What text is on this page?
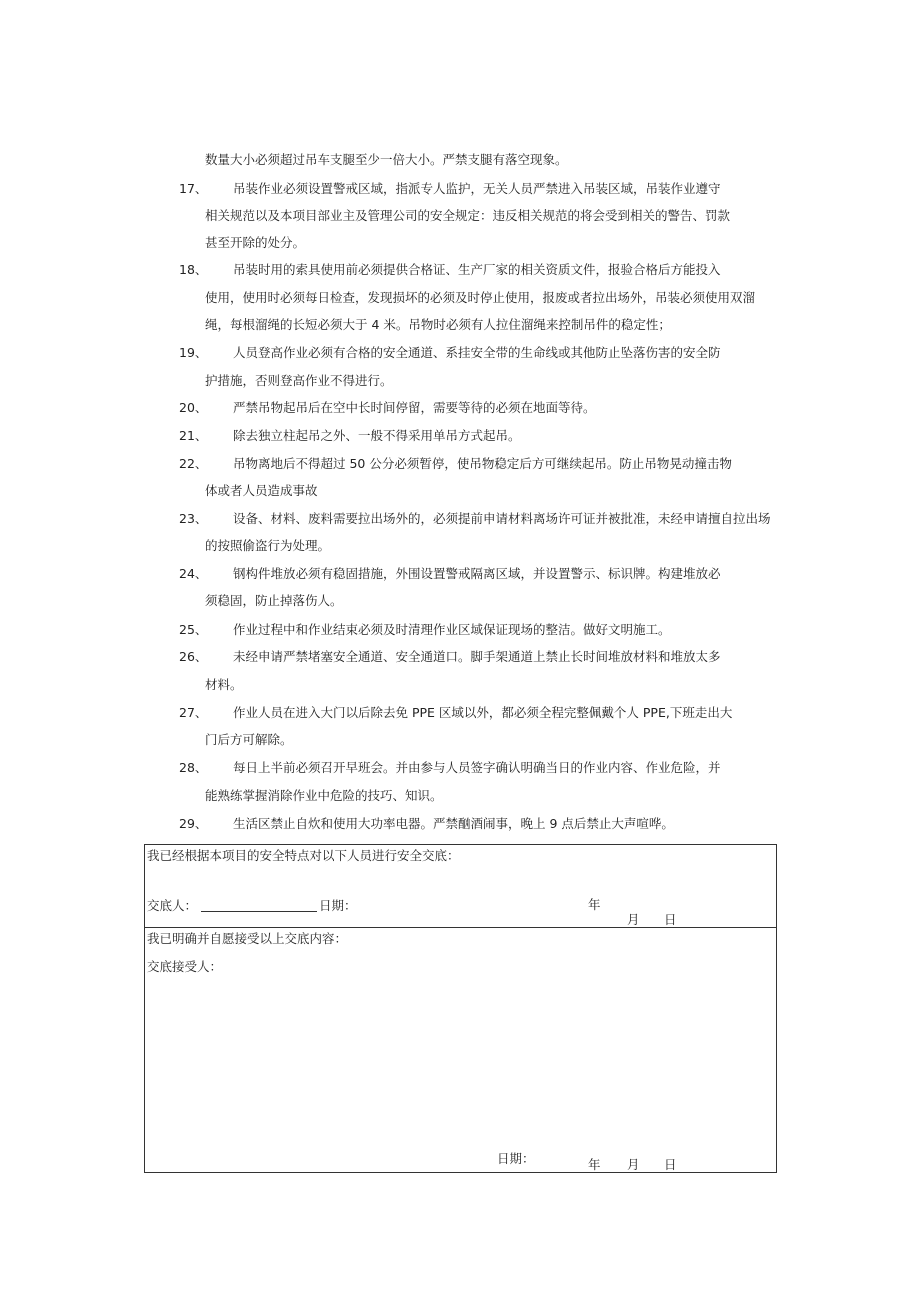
数量大小必须超过吊车支腿至少一倍大小。严禁支腿有落空现象。
17、 吊装作业必须设置警戒区域，指派专人监护，无关人员严禁进入吊装区域，吊装作业遵守
相关规范以及本项目部业主及管理公司的安全规定：违反相关规范的将会受到相关的警告、罚款
甚至开除的处分。
18、 吊装时用的索具使用前必须提供合格证、生产厂家的相关资质文件，报验合格后方能投入
使用，使用时必须每日检查，发现损坏的必须及时停止使用，报废或者拉出场外，吊装必须使用双溜
绳，每根溜绳的长短必须大于 4 米。吊物时必须有人拉住溜绳来控制吊件的稳定性；
19、 人员登高作业必须有合格的安全通道、系挂安全带的生命线或其他防止坠落伤害的安全防
护措施，否则登高作业不得进行。
20、 严禁吊物起吊后在空中长时间停留，需要等待的必须在地面等待。
21、 除去独立柱起吊之外、一般不得采用单吊方式起吊。
22、 吊物离地后不得超过 50 公分必须暂停，使吊物稳定后方可继续起吊。防止吊物晃动撞击物
体或者人员造成事故
23、 设备、材料、废料需要拉出场外的，必须提前申请材料离场许可证并被批准，未经申请擅自拉出场
的按照偷盗行为处理。
24、 钢构件堆放必须有稳固措施，外围设置警戒隔离区域，并设置警示、标识牌。构建堆放必
须稳固，防止掉落伤人。
25、 作业过程中和作业结束必须及时清理作业区域保证现场的整洁。做好文明施工。
26、 未经申请严禁堵塞安全通道、安全通道口。脚手架通道上禁止长时间堆放材料和堆放太多
材料。
27、 作业人员在进入大门以后除去免 PPE 区域以外，都必须全程完整佩戴个人 PPE,下班走出大
门后方可解除。
28、 每日上半前必须召开早班会。并由参与人员签字确认明确当日的作业内容、作业危险，并
能熟练掌握消除作业中危险的技巧、知识。
29、 生活区禁止自炊和使用大功率电器。严禁酗酒闹事，晚上 9 点后禁止大声喧哗。
我已经根据本项目的安全特点对以下人员进行安全交底：
交底人：	日期：	年
月 日
我已明确并自愿接受以上交底内容：
交底接受人：
日期：	年 月 日
